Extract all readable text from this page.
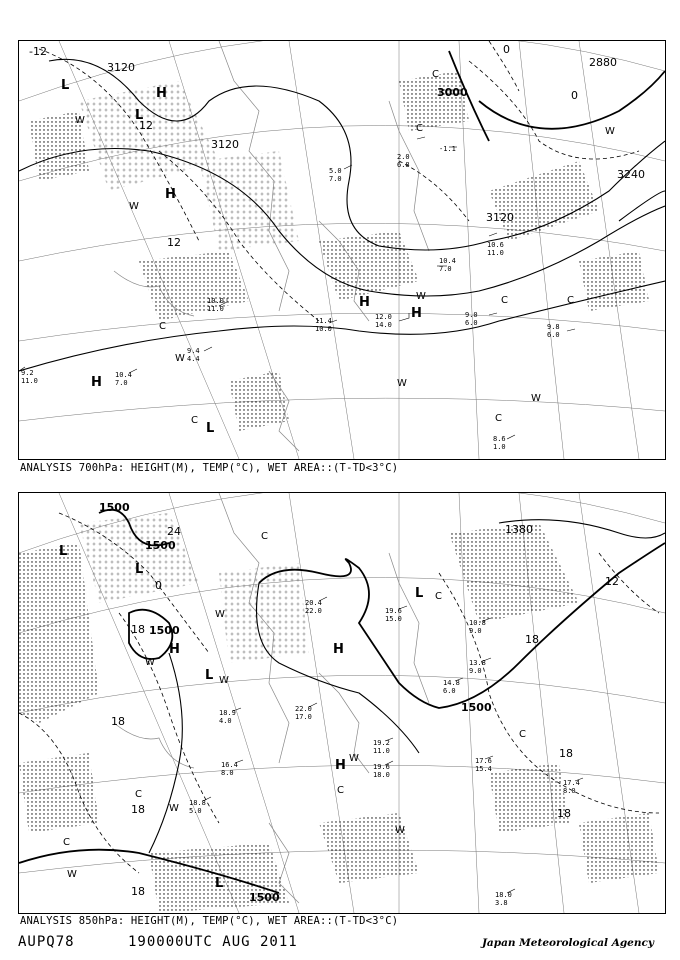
2880
3000
3120
3120
3120
3240
-12
12
12
0
0
L
H
L
W
C
H
W
H	W	C	C
C
W
C
L
H	W
W
W
C
H
C
10.0
11.0
12.0
14.0
9.0
6.0	9.8
6.0
10.4
7.0
8.6
1.0
2.0
6.8
-1.1
5.0
7.0
10.6
11.0
11.4
10.0
9.4
4.4
10.4
7.0
9.2
11.0
ANALYSIS 700hPa: HEIGHT(M), TEMP(°C), WET AREA::(T-TD<3°C)
1500
1500
1500
1500
1500
1380
24
18
18
18
18
18
18
12
18
0
L
L
H
L
C
W
W
W
L C
H
W
H
C
C
W
W
C
C
L
W
19.6
18.0
17.6
15.4
19.2
11.0
22.0
17.0
16.4
8.0
18.8
5.0
18.0
3.8
17.4
8.0
14.8
6.0
10.8
9.0
20.4
22.0
18.9
4.0
13.8
9.0
19.6
15.0
ANALYSIS 850hPa: HEIGHT(M), TEMP(°C), WET AREA::(T-TD<3°C)
AUPQ78	190000UTC AUG 2011	Japan Meteorological Agency
